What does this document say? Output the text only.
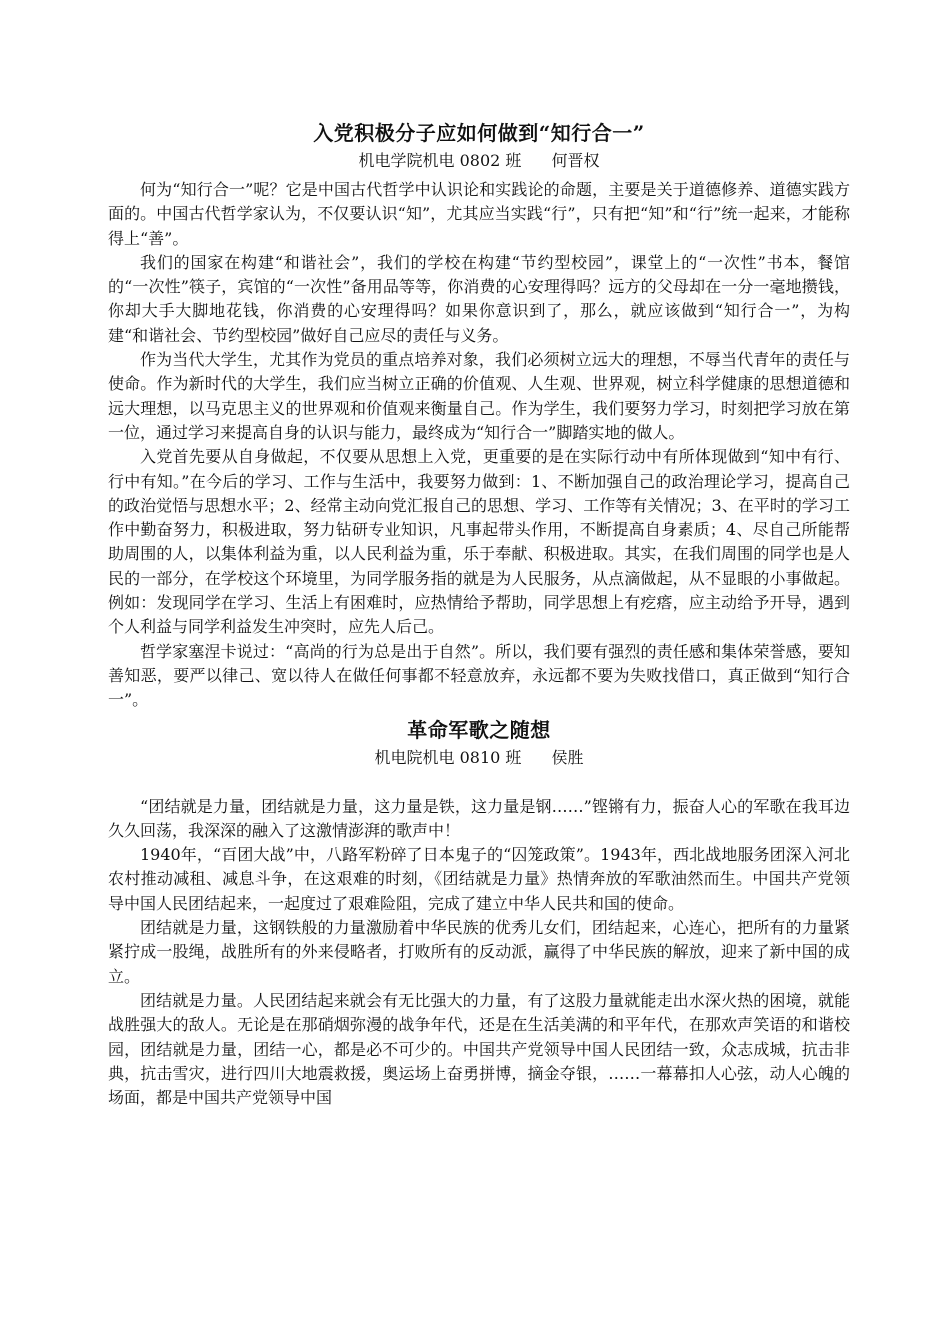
入党积极分子应如何做到“知行合一”
机电学院机电 0802 班 何晋权

何为“知行合一”呢？它是中国古代哲学中认识论和实践论的命题，主要是关于道德修养、道德实践方面的。中国古代哲学家认为，不仅要认识“知”，尤其应当实践“行”，只有把“知”和“行”统一起来，才能称得上“善”。

我们的国家在构建“和谐社会”，我们的学校在构建“节约型校园”，课堂上的“一次性”书本，餐馆的“一次性”筷子，宾馆的“一次性”备用品等等，你消费的心安理得吗？远方的父母却在一分一毫地攒钱，你却大手大脚地花钱，你消费的心安理得吗？如果你意识到了，那么，就应该做到“知行合一”，为构建“和谐社会、节约型校园”做好自己应尽的责任与义务。

作为当代大学生，尤其作为党员的重点培养对象，我们必须树立远大的理想，不辱当代青年的责任与使命。作为新时代的大学生，我们应当树立正确的价值观、人生观、世界观，树立科学健康的思想道德和远大理想，以马克思主义的世界观和价值观来衡量自己。作为学生，我们要努力学习，时刻把学习放在第一位，通过学习来提高自身的认识与能力，最终成为“知行合一”脚踏实地的做人。

入党首先要从自身做起，不仅要从思想上入党，更重要的是在实际行动中有所体现做到“知中有行、行中有知。”在今后的学习、工作与生活中，我要努力做到：1、不断加强自己的政治理论学习，提高自己的政治觉悟与思想水平；2、经常主动向党汇报自己的思想、学习、工作等有关情况；3、在平时的学习工作中勤奋努力，积极进取，努力钻研专业知识，凡事起带头作用，不断提高自身素质；4、尽自己所能帮助周围的人，以集体利益为重，以人民利益为重，乐于奉献、积极进取。其实，在我们周围的同学也是人民的一部分，在学校这个环境里，为同学服务指的就是为人民服务，从点滴做起，从不显眼的小事做起。例如：发现同学在学习、生活上有困难时，应热情给予帮助，同学思想上有疙瘩，应主动给予开导，遇到个人利益与同学利益发生冲突时，应先人后己。

哲学家塞涅卡说过：“高尚的行为总是出于自然”。所以，我们要有强烈的责任感和集体荣誉感，要知善知恶，要严以律己、宽以待人在做任何事都不轻意放弃，永远都不要为失败找借口，真正做到“知行合一”。

革命军歌之随想
机电院机电 0810 班 侯胜

“团结就是力量，团结就是力量，这力量是铁，这力量是钢……”铿锵有力，振奋人心的军歌在我耳边久久回荡，我深深的融入了这激情澎湃的歌声中！

1940年，“百团大战”中，八路军粉碎了日本鬼子的“囚笼政策”。1943年，西北战地服务团深入河北农村推动减租、减息斗争，在这艰难的时刻，《团结就是力量》热情奔放的军歌油然而生。中国共产党领导中国人民团结起来，一起度过了艰难险阻，完成了建立中华人民共和国的使命。

团结就是力量，这钢铁般的力量激励着中华民族的优秀儿女们，团结起来，心连心，把所有的力量紧紧拧成一股绳，战胜所有的外来侵略者，打败所有的反动派，赢得了中华民族的解放，迎来了新中国的成立。

团结就是力量。人民团结起来就会有无比强大的力量，有了这股力量就能走出水深火热的困境，就能战胜强大的敌人。无论是在那硝烟弥漫的战争年代，还是在生活美满的和平年代，在那欢声笑语的和谐校园，团结就是力量，团结一心，都是必不可少的。中国共产党领导中国人民团结一致，众志成城，抗击非典，抗击雪灾，进行四川大地震救援，奥运场上奋勇拼博，摘金夺银，……一幕幕扣人心弦，动人心魄的场面，都是中国共产党领导中国
